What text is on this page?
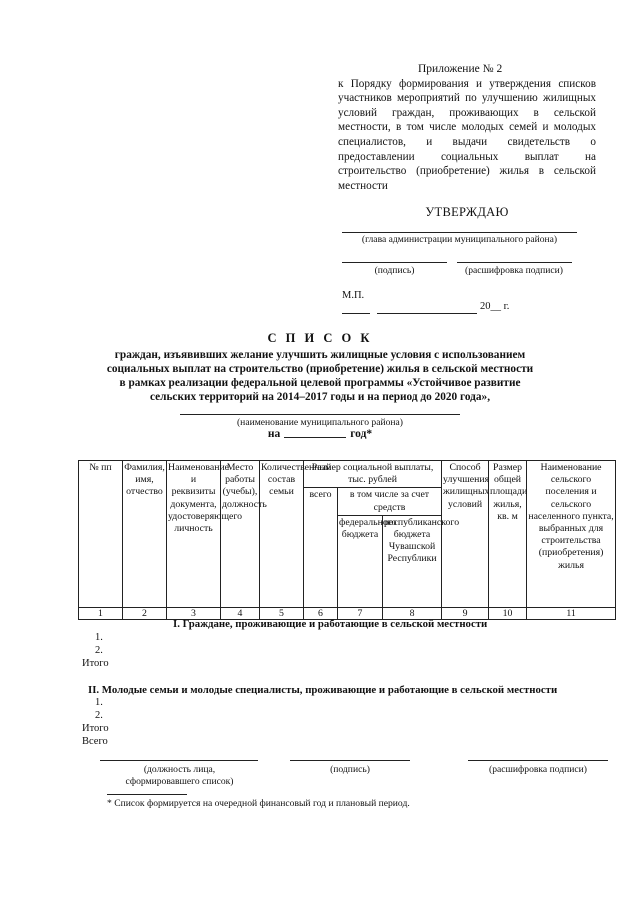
Приложение № 2
к Порядку формирования и утверждения списков участников мероприятий по улучшению жилищных условий граждан, проживающих в сельской местности, в том числе молодых семей и молодых специалистов, и выдачи свидетельств о предоставлении социальных выплат на строительство (приобретение) жилья в сельской местности
УТВЕРЖДАЮ
(глава администрации муниципального района)
(подпись)	(расшифровка подписи)
М.П.
20__ г.
С П И С О К
граждан, изъявивших желание улучшить жилищные условия с использованием
социальных выплат на строительство (приобретение) жилья в сельской местности
в рамках реализации федеральной целевой программы «Устойчивое развитие
сельских территорий на 2014–2017 годы и на период до 2020 года»,
(наименование муниципального района)
на	год*
№ пп	Фамилия, имя, отчество	Наименование и реквизиты документа, удостоверяющего личность	Место работы (учебы), должность	Количественный состав семьи	Размер социальной выплаты, тыс. рублей			Способ улучшения жилищных условий	Размер общей площади жилья, кв. м	Наименование сельского поселения и сельского населенного пункта, выбранных для строительства (приобретения) жилья
					всего	в том числе за счет средств				
						федерального бюджета	республиканского бюджета Чувашской Республики			
1	2	3	4	5	6	7	8	9	10	11
I. Граждане, проживающие и работающие в сельской местности
1.
2.
Итого
II. Молодые семьи и молодые специалисты, проживающие и работающие в сельской местности
1.
2.
Итого
Всего
(должность лица, сформировавшего список)
(подпись)	(расшифровка подписи)
* Список формируется на очередной финансовый год и плановый период.
